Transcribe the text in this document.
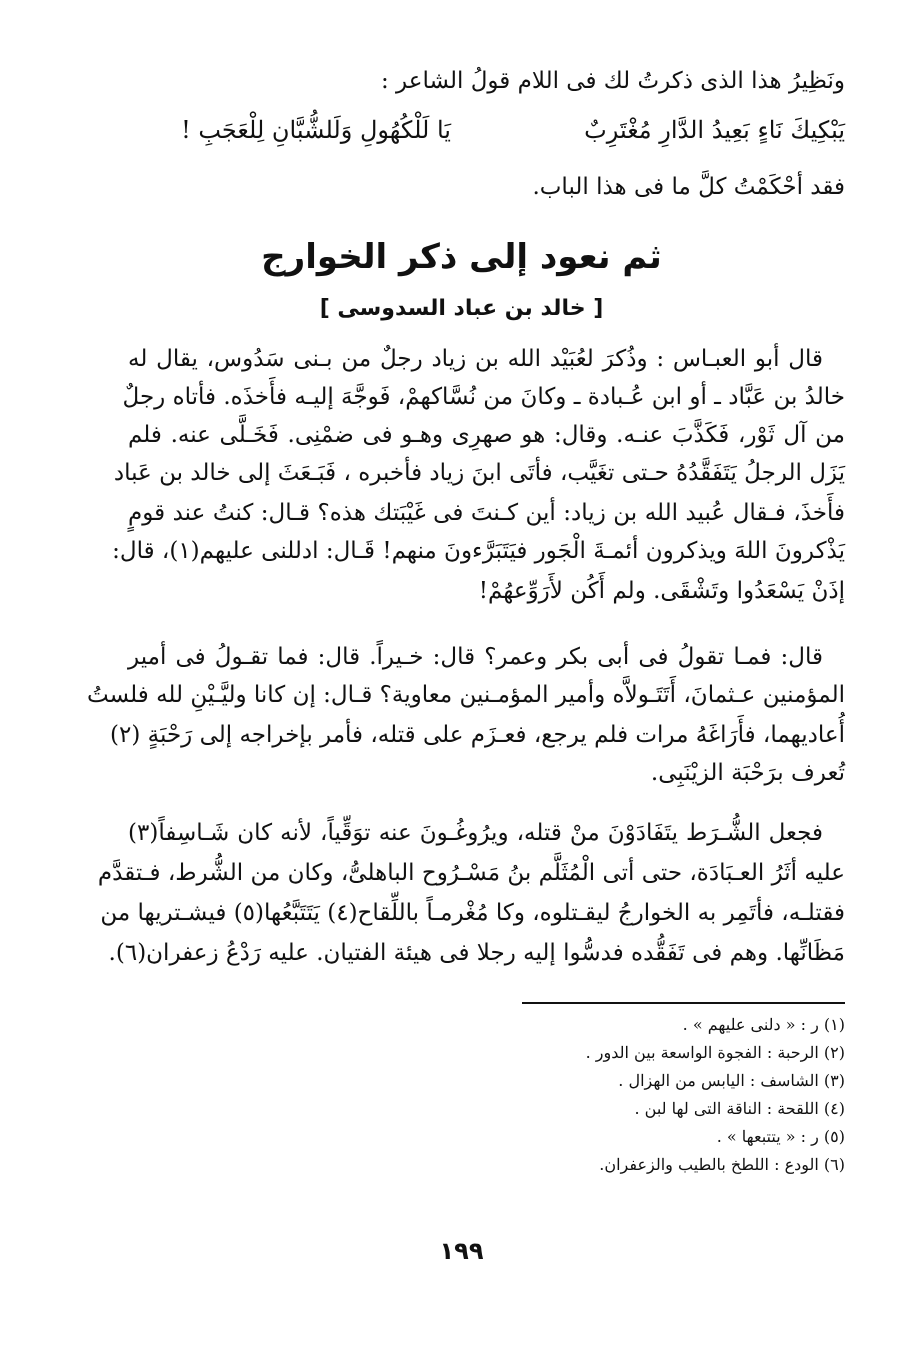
ونَظِيرُ هذا الذى ذكرتُ لك فى اللام قولُ الشاعر :
يَبْكِيكَ نَاءٍ بَعِيدُ الدَّارِ مُغْتَرِبٌ
يَا لَلْكُهُولِ وَلَلشُّبَّانِ لِلْعَجَبِ !
فقد أحْكَمْتُ كلَّ ما فى هذا الباب.
ثم نعود إلى ذكر الخوارج
[ خالد بن عباد السدوسى ]
قال أبو العبـاس : وذُكرَ لعُبَيْد الله بن زياد رجلٌ من بـنى سَدُوس، يقال له
خالدُ بن عَبَّاد ـ أو ابن عُـبادة ـ وكانَ من نُسَّاكهمْ، فَوجَّهَ إليـه فأَخذَه. فأتاه رجلٌ
من آل ثَوْر، فَكَذَّبَ عنـه. وقال: هو صهرِى وهـو فى ضمْنِى. فَخَـلَّى عنه. فلم
يَزَل الرجلُ يَتَفَقَّدُهُ حـتى تغَيَّب، فأتَى ابنَ زياد فأخبره ، فَبَـعَثَ إلى خالد بن عَباد
فأَخذَ، فـقال عُبيد الله بن زياد: أين كـنتَ فى غَيْبَتك هذه؟ قـال: كنتُ عند قومٍ
يَذْكرونَ اللهَ ويذكرون أئمـةَ الْجَور فيَتَبَرَّءونَ منهم! قَـال: ادللنى عليهم(١)، قال:
إذَنْ يَسْعَدُوا وتَشْقَى. ولم أَكُن لأَرَوِّعهُمْ!
قال: فمـا تقولُ فى أبى بكر وعمر؟ قال: خـيراً. قال: فما تقـولُ فى أمير
المؤمنين عـثمانَ، أَتَتَـولاَّه وأمير المؤمـنين معاوية؟ قـال: إن كانا وليَّـيْنِ لله فلستُ
أُعاديهما، فأَرَاغَهُ مرات فلم يرجع، فعـزَم على قتله، فأمر بإخراجه إلى رَحْبَةٍ (٢)
تُعرف برَحْبَة الزيْنَبِى.
فجعل الشُّـرَط يتَفَادَوْنَ منْ قتله، ويرُوغُـونَ عنه توَقِّياً، لأنه كان شَـاسِفاً(٣)
عليه أثَرُ العـبَادَة، حتى أتى الْمُثَلَّم بنُ مَسْـرُوح الباهلىُّ، وكان من الشُّرط، فـتقدَّم
فقتلـه، فأتَمِر به الخوارجُ ليقـتلوه، وكا مُغْرمـاً باللِّقاح(٤) يَتَتَبَّعُها(٥) فيشـتريها من
مَظَانِّها. وهم فى تَفَقُّده فدسُّوا إليه رجلا فى هيئة الفتيان. عليه رَدْعُ زعفران(٦).
(١) ر : « دلنى عليهم » .
(٢) الرحبة : الفجوة الواسعة بين الدور .
(٣) الشاسف : اليابس من الهزال .
(٤) اللقحة : الناقة التى لها لبن .
(٥) ر : « يتتبعها » .
(٦) الودع : اللطخ بالطيب والزعفران.
١٩٩
